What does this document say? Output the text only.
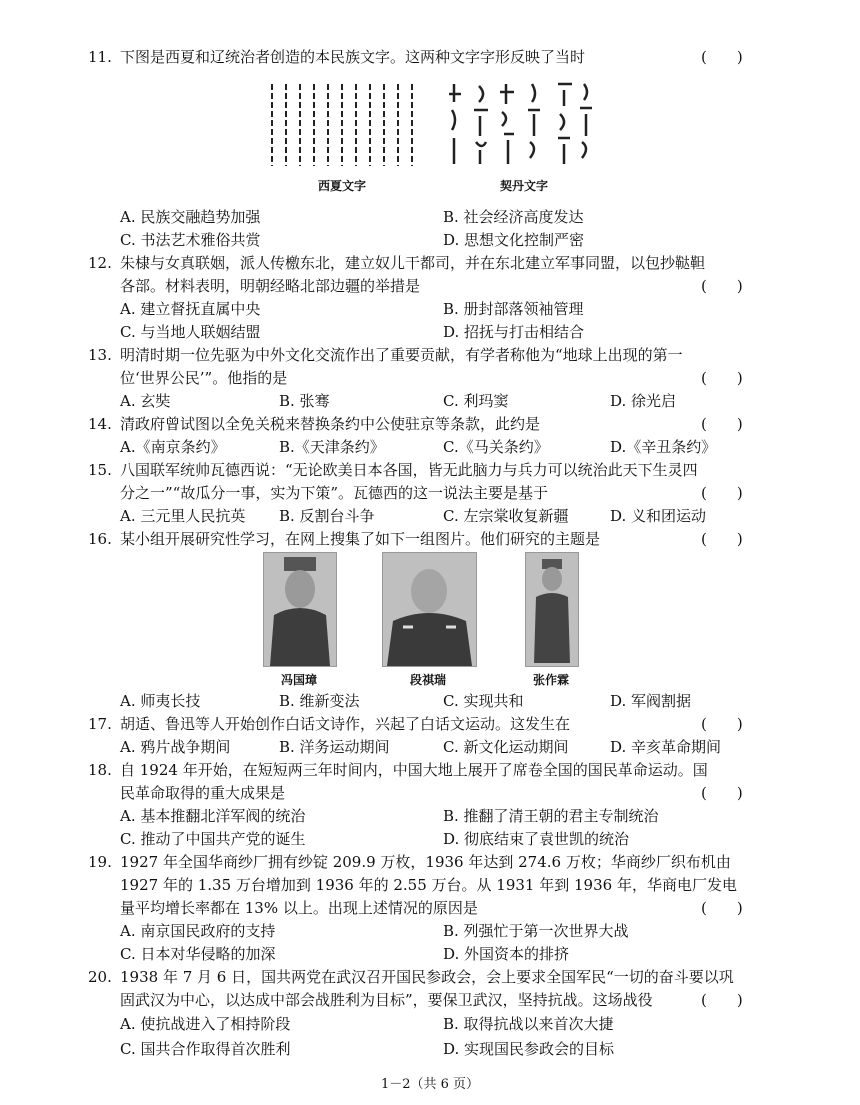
11. 下图是西夏和辽统治者创造的本民族文字。这两种文字字形反映了当时	(　　)
西夏文字	契丹文字
A. 民族交融趋势加强	B. 社会经济高度发达
C. 书法艺术雅俗共赏	D. 思想文化控制严密
12. 朱棣与女真联姻，派人传檄东北，建立奴儿干都司，并在东北建立军事同盟，以包抄鞑靼
各部。材料表明，明朝经略北部边疆的举措是	(　　)
A. 建立督抚直属中央	B. 册封部落领袖管理
C. 与当地人联姻结盟	D. 招抚与打击相结合
13. 明清时期一位先驱为中外文化交流作出了重要贡献，有学者称他为“地球上出现的第一
位‘世界公民’”。他指的是	(　　)
A. 玄奘	B. 张骞	C. 利玛窦	D. 徐光启
14. 清政府曾试图以全免关税来替换条约中公使驻京等条款，此约是	(　　)
A.《南京条约》	B.《天津条约》	C.《马关条约》	D.《辛丑条约》
15. 八国联军统帅瓦德西说：“无论欧美日本各国，皆无此脑力与兵力可以统治此天下生灵四
分之一”“故瓜分一事，实为下策”。瓦德西的这一说法主要是基于	(　　)
A. 三元里人民抗英 B. 反割台斗争	C. 左宗棠收复新疆	D. 义和团运动
16. 某小组开展研究性学习，在网上搜集了如下一组图片。他们研究的主题是	(　　)
冯国璋	段祺瑞	张作霖
A. 师夷长技	B. 维新变法	C. 实现共和	D. 军阀割据
17. 胡适、鲁迅等人开始创作白话文诗作，兴起了白话文运动。这发生在	(　　)
A. 鸦片战争期间	B. 洋务运动期间	C. 新文化运动期间	D. 辛亥革命期间
18. 自 1924 年开始，在短短两三年时间内，中国大地上展开了席卷全国的国民革命运动。国
民革命取得的重大成果是	(　　)
A. 基本推翻北洋军阀的统治	B. 推翻了清王朝的君主专制统治
C. 推动了中国共产党的诞生	D. 彻底结束了袁世凯的统治
19. 1927 年全国华商纱厂拥有纱锭 209.9 万枚，1936 年达到 274.6 万枚；华商纱厂织布机由
1927 年的 1.35 万台增加到 1936 年的 2.55 万台。从 1931 年到 1936 年，华商电厂发电
量平均增长率都在 13% 以上。出现上述情况的原因是	(　　)
A. 南京国民政府的支持	B. 列强忙于第一次世界大战
C. 日本对华侵略的加深	D. 外国资本的排挤
20. 1938 年 7 月 6 日，国共两党在武汉召开国民参政会，会上要求全国军民“一切的奋斗要以巩
固武汉为中心，以达成中部会战胜利为目标”，要保卫武汉，坚持抗战。这场战役	(　　)
A. 使抗战进入了相持阶段	B. 取得抗战以来首次大捷
C. 国共合作取得首次胜利	D. 实现国民参政会的目标
1－2（共 6 页）
